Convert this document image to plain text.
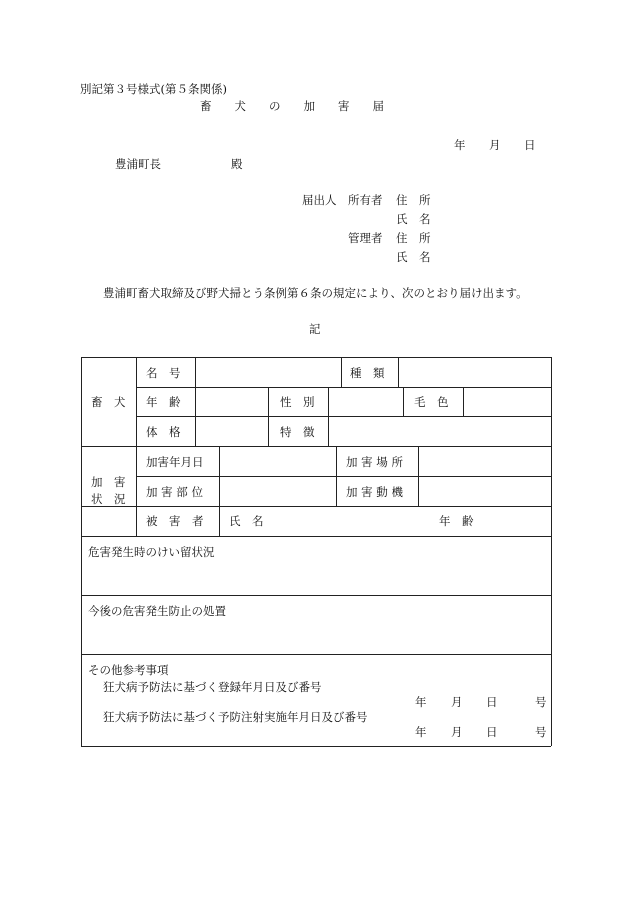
別記第３号様式(第５条関係)
畜　　犬　　の　　加　　害　　届
年 月 日
豊浦町長	殿
届出人 所有者 住　所
氏　名
管理者 住　所
氏　名
豊浦町畜犬取締及び野犬掃とう条例第６条の規定により、次のとおり届け出ます。
記
畜　犬
名　号	種　類
年　齢	性　別	毛　色
体　格	特　徴
加　害
状　況
加害年月日	加 害 場 所
加 害 部 位	加 害 動 機
被　害　者 氏　名	年　齢
危害発生時のけい留状況
今後の危害発生防止の処置
その他参考事項
狂犬病予防法に基づく登録年月日及び番号
年 月 日	号
狂犬病予防法に基づく予防注射実施年月日及び番号
年 月 日	号
